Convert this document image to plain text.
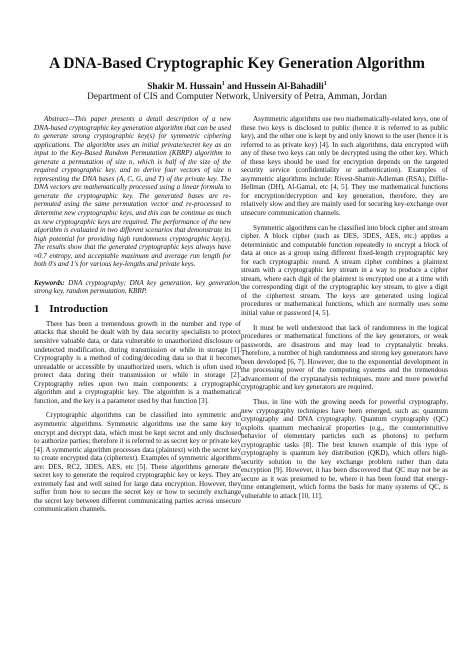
A DNA-Based Cryptographic Key Generation Algorithm
Shakir M. Hussain$^1$ and Hussein Al-Bahadili$^1$
Department of CIS and Computer Network, University of Petra, Amman, Jordan

Abstract—This paper presents a detail description of a new DNA-based cryptographic key generation algorithm that can be used to generate strong cryptographic key(s) for symmetric ciphering applications. The algorithm uses an initial private/secret key as an input to the Key-Based Random Permutation (KBRP) algorithm to generate a permutation of size n, which is half of the size of the required cryptographic key, and to derive four vectors of size n representing the DNA bases (A, C, G, and T) of the private key. The DNA vectors are mathematically processed using a linear formula to generate the cryptographic key. The generated bases are re-permuted using the same permutation vector and re-processed to determine new cryptographic keys, and this can be continue as much as new cryptographic keys are required. The performance of the new algorithm is evaluated in two different scenarios that demonstrate its high potential for providing high randomness cryptographic key(s). The results show that the generated cryptographic keys always have ≈0.7 entropy, and acceptable maximum and average run length for both 0's and 1's for various key-lengths and private keys.

Keywords: DNA cryptography; DNA key generation, key generation, strong key, random permutation, KBRP.

1 Introduction

There has been a tremendous growth in the number and type of attacks that should be dealt with by data security specialists to protect sensitive valuable data, or data vulnerable to unauthorized disclosure or undetected modification, during transmission or while in storage [1]. Cryptography is a method of coding/decoding data so that it becomes unreadable or accessible by unauthorized users, which is often used to protect data during their transmission or while in storage [2]. Cryptography relies upon two main components: a cryptographic algorithm and a cryptographic key. The algorithm is a mathematical function, and the key is a parameter used by that function [3].

Cryptographic algorithms can be classified into symmetric and asymmetric algorithms. Symmetric algorithms use the same key to encrypt and decrypt data, which must be kept secret and only disclosed to authorize parties; therefore it is referred to as secret key or private key [4]. A symmetric algorithm processes data (plaintext) with the secret key to create encrypted data (ciphertext). Examples of symmetric algorithms are: DES, RC2, 3DES, AES, etc [5]. These algorithms generate the secret key to generate the required cryptographic key or keys. They are extremely fast and well suited for large data encryption. However, they suffer from how to secure the secret key or how to securely exchange the secret key between different communicating parties across unsecure communication channels.

Asymmetric algorithms use two mathematically-related keys, one of these two keys is disclosed to public (hence it is referred to as public key), and the other one is kept by and only known to the user (hence it is referred to as private key) [4]. In such algorithms, data encrypted with any of these two keys can only be decrypted using the other key. Which of these keys should be used for encryption depends on the targeted security service (confidentiality or authentication). Examples of asymmetric algorithms include: Rivest-Shamir-Adleman (RSA), Diffie-Hellman (DH), Al-Gamal, etc [4, 5]. They use mathematical functions for encryption/decryption and key generation, therefore, they are relatively slow and they are mainly used for securing key-exchange over unsecure communication channels.

Symmetric algorithms can be classified into block cipher and stream cipher. A block cipher (such as DES, 3DES, AES, etc.) applies a deterministic and computable function repeatedly to encrypt a block of data at once as a group using different fixed-length cryptographic key for each cryptographic round. A stream cipher combines a plaintext stream with a cryptographic key stream in a way to produce a cipher stream, where each digit of the plaintext is encrypted one at a time with the corresponding digit of the cryptographic key stream, to give a digit of the ciphertext stream. The keys are generated using logical procedures or mathematical functions, which are normally uses some initial value or password [4, 5].

It must be well understood that lack of randomness in the logical procedures or mathematical functions of the key generators, or weak passwords, are disastrous and may lead to cryptanalytic breaks. Therefore, a number of high randomness and strong key generators have been developed [6, 7]. However, due to the exponential development in the processing power of the computing systems and the tremendous advancement of the cryptanalysis techniques, more and more powerful cryptographic and key generators are required.

Thus, in line with the growing needs for powerful cryptography, new cryptography techniques have been emerged, such as: quantum cryptography and DNA cryptography. Quantum cryptography (QC) exploits quantum mechanical properties (e.g., the counterintuitive behavior of elementary particles such as photons) to perform cryptographic tasks [8]. The best known example of this type of cryptography is quantum key distribution (QKD), which offers high-security solution to the key exchange problem rather than data encryption [9]. However, it has been discovered that QC may not be as secure as it was presumed to be, where it has been found that energy-time entanglement, which forms the basis for many systems of QC, is vulnerable to attack [10, 11].
